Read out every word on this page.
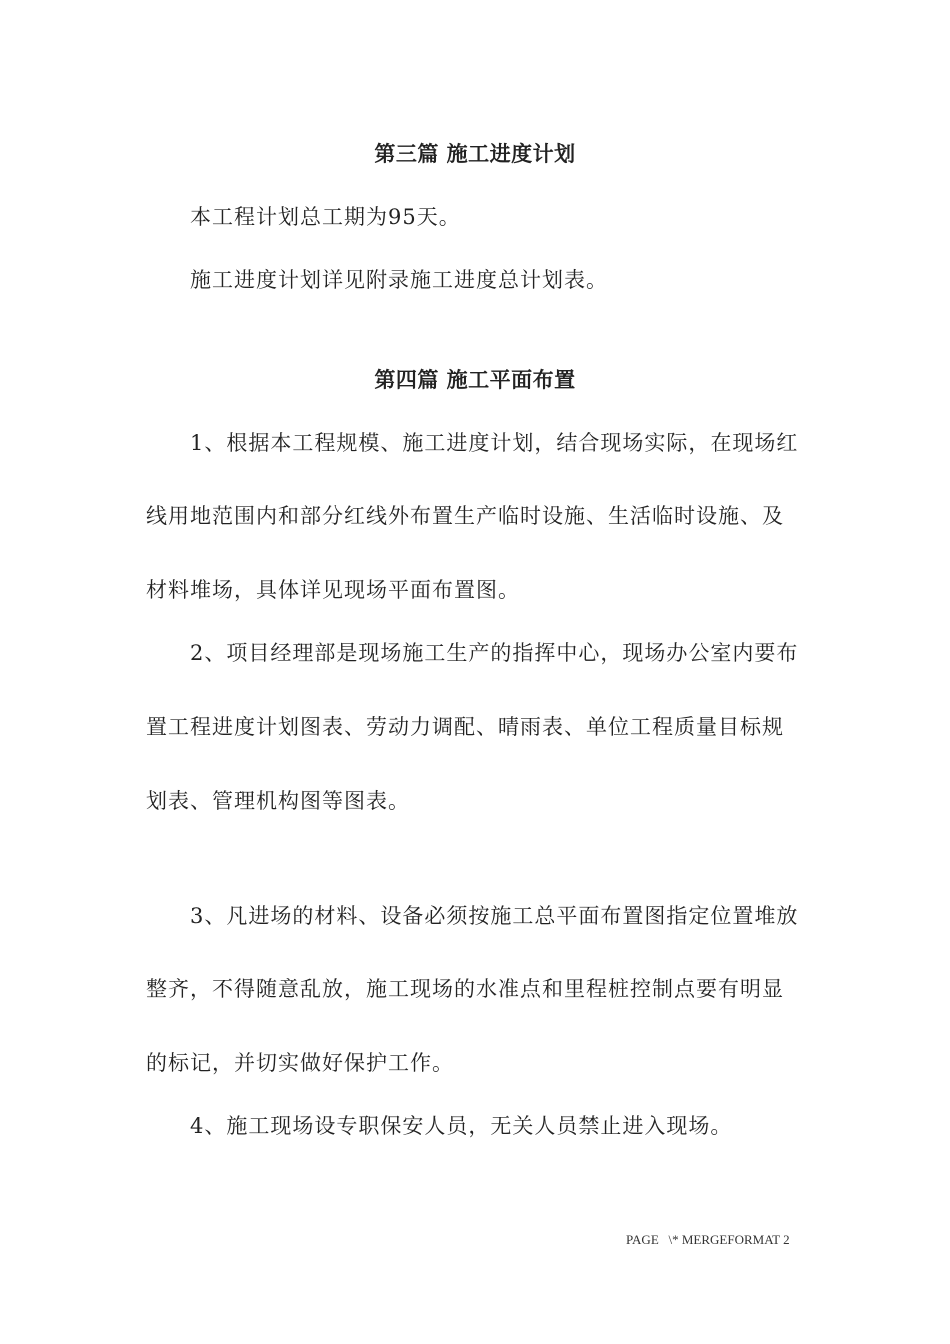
第三篇 施工进度计划
本工程计划总工期为95天。
施工进度计划详见附录施工进度总计划表。
第四篇 施工平面布置
1、根据本工程规模、施工进度计划，结合现场实际，在现场红
线用地范围内和部分红线外布置生产临时设施、生活临时设施、及
材料堆场，具体详见现场平面布置图。
2、项目经理部是现场施工生产的指挥中心，现场办公室内要布
置工程进度计划图表、劳动力调配、晴雨表、单位工程质量目标规
划表、管理机构图等图表。
3、凡进场的材料、设备必须按施工总平面布置图指定位置堆放
整齐，不得随意乱放，施工现场的水准点和里程桩控制点要有明显
的标记，并切实做好保护工作。
4、施工现场设专职保安人员，无关人员禁止进入现场。
PAGE   \* MERGEFORMAT 2
